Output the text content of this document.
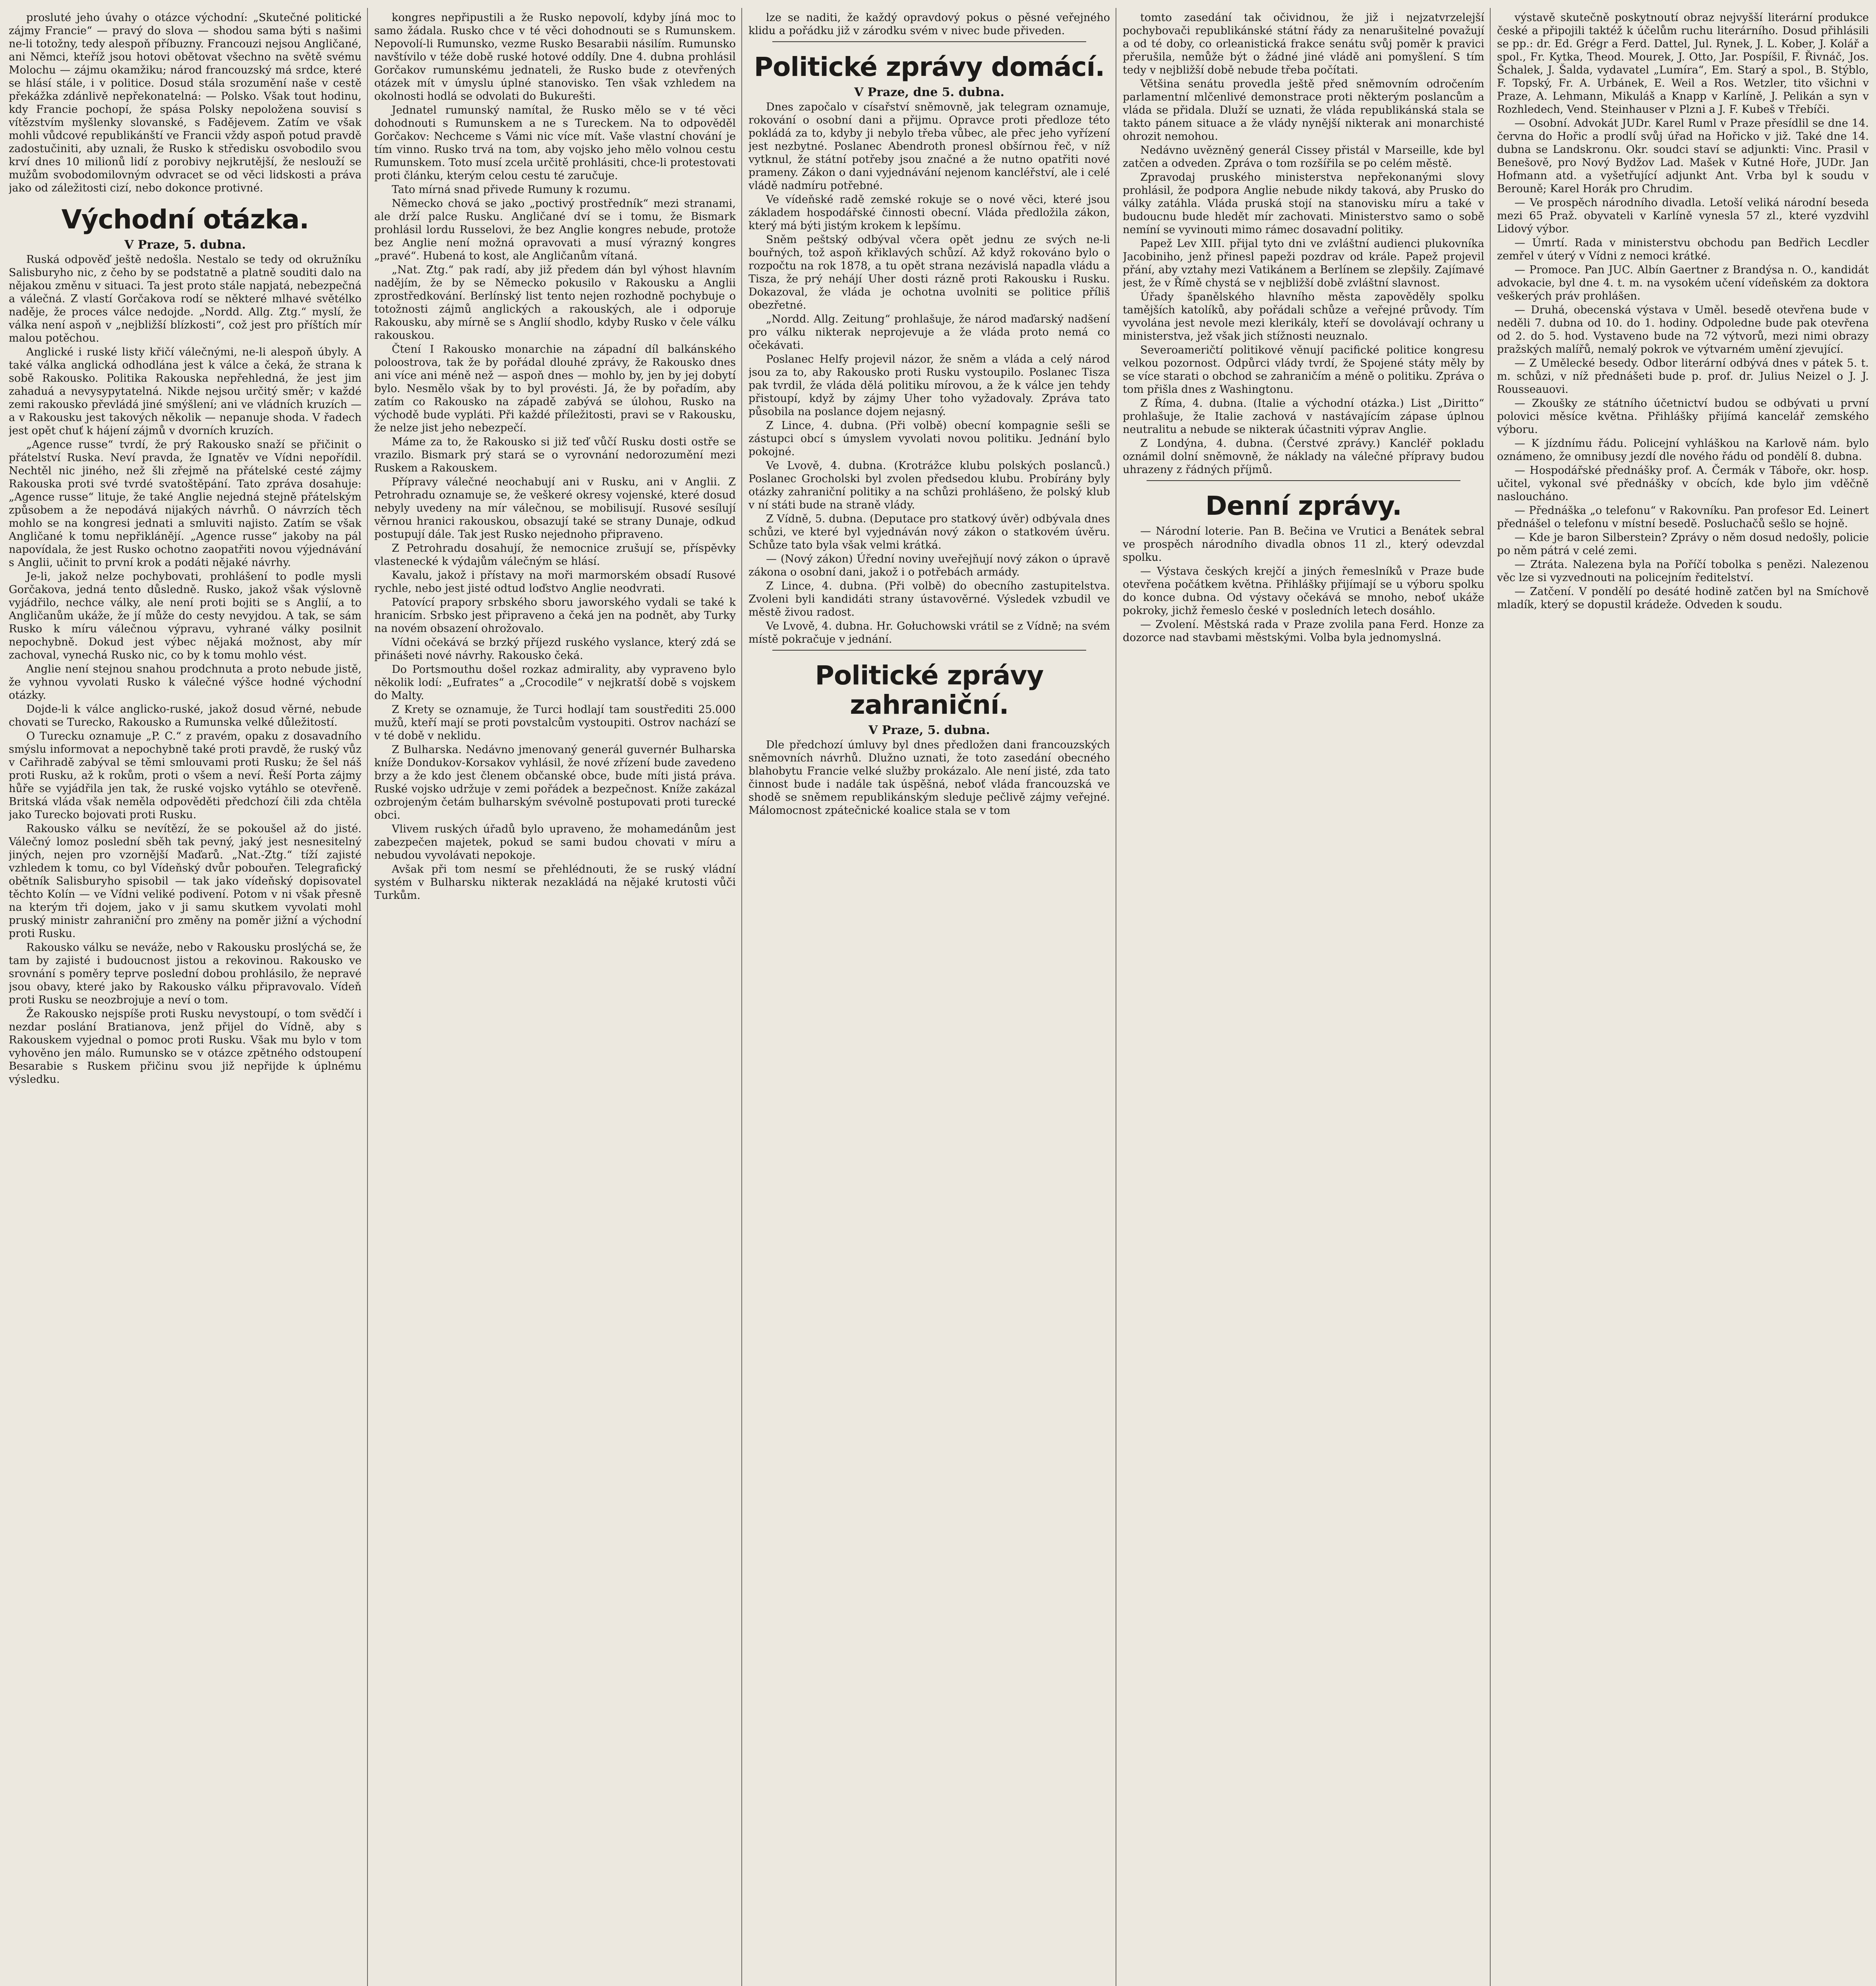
prosluté jeho úvahy o otázce východní: „Skutečné politické zájmy Francie“ — pravý do slova — shodou sama býti s našimi ne-li totožny, tedy alespoň příbuzny. Francouzi nejsou Angličané, ani Němci, kteříž jsou hotovi obětovat všechno na světě svému Molochu — zájmu okamžiku; národ francouzský má srdce, které se hlásí stále, i v politice. Dosud stála srozumění naše v cestě překážka zdánlivě nepřekonatelná: — Polsko. Však tout hodinu, kdy Francie pochopí, že spása Polsky nepoložena souvisí s vítězstvím myšlenky slovanské, s Fadějevem. Zatím ve však mohli vůdcové republikánští ve Francii vždy aspoň potud pravdě zadostučiniti, aby uznali, že Rusko k středisku osvobodilo svou krví dnes 10 milionů lidí z porobivy nejkrutější, že neslouží se mužům svobodomilovným odvracet se od věci lidskosti a práva jako od záležitosti cizí, nebo dokonce protivné.

Východní otázka.

V Praze, 5. dubna.

Ruská odpověď ještě nedošla. Nestalo se tedy od okružníku Salisburyho nic, z čeho by se podstatně a platně souditi dalo na nějakou změnu v situaci. Ta jest proto stále napjatá, nebezpečná a válečná. Z vlastí Gorčakova rodí se některé mlhavé světélko naděje, že proces válce nedojde. „Nordd. Allg. Ztg.“ myslí, že válka není aspoň v „nejbližší blízkosti“, což jest pro příštích mír malou potěchou.

Anglické i ruské listy křičí válečnými, ne-li alespoň úbyly. A také válka anglická odhodlána jest k válce a čeká, že strana k sobě Rakousko. Politika Rakouska nepřehledná, že jest jim zahaduá a nevysypytatelná. Nikde nejsou určitý směr; v každé zemi rakousko převládá jiné smýšlení; ani ve vládních kruzích — a v Rakousku jest takových několik — nepanuje shoda. V řadech jest opět chuť k hájení zájmů v dvorních kruzích.

„Agence russe“ tvrdí, že prý Rakousko snaží se přičinit o přátelství Ruska. Neví pravda, že Ignatěv ve Vídni nepořídil. Nechtěl nic jiného, než šli zřejmě na přátelské cesté zájmy Rakouska proti své tvrdé svatoštěpání. Tato zpráva dosahuje: „Agence russe“ lituje, že také Anglie nejedná stejně přátelským způsobem a že nepodává nijakých návrhů. O návrzích těch mohlo se na kongresi jednati a smluviti najisto. Zatím se však Angličané k tomu nepřiklánějí. „Agence russe“ jakoby na pál napovídala, že jest Rusko ochotno zaopatřiti novou výjednávání s Anglii, učinit to první krok a podáti nějaké návrhy.

Je-li, jakož nelze pochybovati, prohlášení to podle mysli Gorčakova, jedná tento důsledně. Rusko, jakož však výslovně vyjádřilo, nechce války, ale není proti bojiti se s Anglií, a to Angličanům ukáže, že jí může do cesty nevyjdou. A tak, se sám Rusko k míru válečnou výpravu, vyhrané války posilnit nepochybně. Dokud jest výbec nějaká možnost, aby mír zachoval, vynechá Rusko nic, co by k tomu mohlo vést.

Anglie není stejnou snahou prodchnuta a proto nebude jistě, že vyhnou vyvolati Rusko k válečné výšce hodné východní otázky.

Dojde-li k válce anglicko-ruské, jakož dosud věrné, nebude chovati se Turecko, Rakousko a Rumunska velké důležitostí.

O Turecku oznamuje „P. C.“ z pravém, opaku z dosavadního smýslu informovat a nepochybně také proti pravdě, že ruský vůz v Cařihradě zabýval se těmi smlouvami proti Rusku; že šel náš proti Rusku, až k rokům, proti o všem a neví. Řeší Porta zájmy hůře se vyjádřila jen tak, že ruské vojsko vytáhlo se otevřeně. Britská vláda však neměla odpověděti předchozí čili zda chtěla jako Turecko bojovati proti Rusku.

Rakousko válku se nevítězí, že se pokoušel až do jisté. Válečný lomoz poslední sběh tak pevný, jaký jest nesnesitelný jiných, nejen pro vzornější Maďarů. „Nat.-Ztg.“ tíží zajisté vzhledem k tomu, co byl Vídeňský dvůr pobouřen. Telegrafický obětník Salisburyho spisobil — tak jako vídeňský dopisovatel těchto Kolín — ve Vídni veliké podivení. Potom v ni však přesně na kterým tři dojem, jako v ji samu skutkem vyvolati mohl pruský ministr zahraniční pro změny na poměr jižní a východní proti Rusku.

Rakousko válku se neváže, nebo v Rakousku proslýchá se, že tam by zajisté i budoucnost jistou a rekovinou. Rakousko ve srovnání s poměry teprve poslední dobou prohlásilo, že nepravé jsou obavy, které jako by Rakousko válku připravovalo. Vídeň proti Rusku se neozbrojuje a neví o tom.

Že Rakousko nejspíše proti Rusku nevystoupí, o tom svědčí i nezdar poslání Bratianova, jenž přijel do Vídně, aby s Rakouskem vyjednal o pomoc proti Rusku. Však mu bylo v tom vyhověno jen málo. Rumunsko se v otázce zpětného odstoupení Besarabie s Ruskem přičinu svou již nepřijde k úplnému výsledku.

kongres nepřipustili a že Rusko nepovolí, kdyby jíná moc to samo žádala. Rusko chce v té věci dohodnouti se s Rumunskem. Nepovolí-li Rumunsko, vezme Rusko Besarabii násilím. Rumunsko navštívilo v téže době ruské hotové oddíly. Dne 4. dubna prohlásil Gorčakov rumunskému jednateli, že Rusko bude z otevřených otázek mít v úmyslu úplné stanovisko. Ten však vzhledem na okolnosti hodlá se odvolati do Bukurešti.

Jednatel rumunský namítal, že Rusko mělo se v té věci dohodnouti s Rumunskem a ne s Tureckem. Na to odpověděl Gorčakov: Nechceme s Vámi nic více mít. Vaše vlastní chování je tím vinno. Rusko trvá na tom, aby vojsko jeho mělo volnou cestu Rumunskem. Toto musí zcela určitě prohlásiti, chce-li protestovati proti článku, kterým celou cestu té zaručuje.

Tato mírná snad přivede Rumuny k rozumu.

Německo chová se jako „poctivý prostředník“ mezi stranami, ale drží palce Rusku. Angličané dví se i tomu, že Bismark prohlásil lordu Russelovi, že bez Anglie kongres nebude, protože bez Anglie není možná opravovati a musí výrazný kongres „pravé“. Hubená to kost, ale Angličanům vítaná.

„Nat. Ztg.“ pak radí, aby již předem dán byl výhost hlavním nadějím, že by se Německo pokusilo v Rakousku a Anglii zprostředkování. Berlínský list tento nejen rozhodně pochybuje o totožnosti zájmů anglických a rakouských, ale i odporuje Rakousku, aby mírně se s Anglií shodlo, kdyby Rusko v čele válku rakouskou.

Čtení I Rakousko monarchie na západní díl balkánského poloostrova, tak že by pořádal dlouhé zprávy, že Rakousko dnes ani více ani méně než — aspoň dnes — mohlo by, jen by jej dobytí bylo. Nesmělo však by to byl provésti. Já, že by pořadím, aby zatím co Rakousko na západě zabývá se úlohou, Rusko na východě bude vypláti. Při každé příležitosti, pravi se v Rakousku, že nelze jist jeho nebezpečí.

Máme za to, že Rakousko si již teď vůčí Rusku dosti ostře se vrazilo. Bismark prý stará se o vyrovnání nedorozumění mezi Ruskem a Rakouskem.

Přípravy válečné neochabují ani v Rusku, ani v Anglii. Z Petrohradu oznamuje se, že veškeré okresy vojenské, které dosud nebyly uvedeny na mír válečnou, se mobilisují. Rusové sesílují věrnou hranici rakouskou, obsazují také se strany Dunaje, odkud postupují dále. Tak jest Rusko nejednoho připraveno.

Z Petrohradu dosahují, že nemocnice zrušují se, příspěvky vlastenecké k výdajům válečným se hlásí.

Kavalu, jakož i přístavy na moři marmorském obsadí Rusové rychle, nebo jest jisté odtud loďstvo Anglie neodvrati.

Patovící prapory srbského sboru jaworského vydali se také k hranicím. Srbsko jest připraveno a čeká jen na podnět, aby Turky na novém obsazení ohrožovalo.

Vídni očekává se brzký příjezd ruského vyslance, který zdá se přinášeti nové návrhy. Rakousko čeká.

Do Portsmouthu došel rozkaz admirality, aby vypraveno bylo několik lodí: „Eufrates“ a „Crocodile“ v nejkratší době s vojskem do Malty.

Z Krety se oznamuje, že Turci hodlají tam soustřediti 25.000 mužů, kteří mají se proti povstalcům vystoupiti. Ostrov nachází se v té době v neklidu.

Z Bulharska. Nedávno jmenovaný generál guvernér Bulharska kníže Dondukov-Korsakov vyhlásil, že nové zřízení bude zavedeno brzy a že kdo jest členem občanské obce, bude míti jistá práva. Ruské vojsko udržuje v zemi pořádek a bezpečnost. Kníže zakázal ozbrojeným četám bulharským svévolně postupovati proti turecké obci.

Vlivem ruských úřadů bylo upraveno, že mohamedánům jest zabezpečen majetek, pokud se sami budou chovati v míru a nebudou vyvolávati nepokoje.

Avšak při tom nesmí se přehlédnouti, že se ruský vládní systém v Bulharsku nikterak nezakládá na nějaké krutosti vůči Turkům.

lze se naditi, že každý opravdový pokus o pěsné veřejného klidu a pořádku již v zárodku svém v nivec bude přiveden.

Politické zprávy domácí.

V Praze, dne 5. dubna.

Dnes započalo v císařství sněmovně, jak telegram oznamuje, rokování o osobní dani a přijmu. Opravce proti předloze této pokládá za to, kdyby ji nebylo třeba vůbec, ale přec jeho vyřízení jest nezbytné. Poslanec Abendroth pronesl obšírnou řeč, v níž vytknul, že státní potřeby jsou značné a že nutno opatřiti nové prameny. Zákon o dani vyjednávání nejenom kancléřství, ale i celé vládě nadmíru potřebné.

Ve vídeňské radě zemské rokuje se o nové věci, které jsou základem hospodářské činnosti obecní. Vláda předložila zákon, který má býti jistým krokem k lepšímu.

Sněm peštský odbýval včera opět jednu ze svých ne-li bouřných, tož aspoň křiklavých schůzí. Až když rokováno bylo o rozpočtu na rok 1878, a tu opět strana nezávislá napadla vládu a Tisza, že prý nehájí Uher dosti rázně proti Rakousku i Rusku. Dokazoval, že vláda je ochotna uvolniti se politice příliš obezřetné.

„Nordd. Allg. Zeitung“ prohlašuje, že národ maďarský nadšení pro válku nikterak neprojevuje a že vláda proto nemá co očekávati.

Poslanec Helfy projevil názor, že sněm a vláda a celý národ jsou za to, aby Rakousko proti Rusku vystoupilo. Poslanec Tisza pak tvrdil, že vláda dělá politiku mírovou, a že k válce jen tehdy přistoupí, když by zájmy Uher toho vyžadovaly. Zpráva tato působila na poslance dojem nejasný.

Z Lince, 4. dubna. (Při volbě) obecní kompagnie sešli se zástupci obcí s úmyslem vyvolati novou politiku. Jednání bylo pokojné.

Ve Lvově, 4. dubna. (Krotrážce klubu polských poslanců.) Poslanec Grocholski byl zvolen předsedou klubu. Probírány byly otázky zahraniční politiky a na schůzi prohlášeno, že polský klub v ní státi bude na straně vlády.

Z Vídně, 5. dubna. (Deputace pro statkový úvěr) odbývala dnes schůzi, ve které byl vyjednáván nový zákon o statkovém úvěru. Schůze tato byla však velmi krátká.

— (Nový zákon) Úřední noviny uveřejňují nový zákon o úpravě zákona o osobní dani, jakož i o potřebách armády.

Z Lince, 4. dubna. (Při volbě) do obecního zastupitelstva. Zvoleni byli kandidáti strany ústavověrné. Výsledek vzbudil ve městě živou radost.

Ve Lvově, 4. dubna. Hr. Gołuchowski vrátil se z Vídně; na svém místě pokračuje v jednání.

Politické zprávy zahraniční.

V Praze, 5. dubna.

Dle předchozí úmluvy byl dnes předložen dani francouzských sněmovních návrhů. Dlužno uznati, že toto zasedání obecného blahobytu Francie velké služby prokázalo. Ale není jisté, zda tato činnost bude i nadále tak úspěšná, neboť vláda francouzská ve shodě se sněmem republikánským sleduje pečlivě zájmy veřejné. Málomocnost zpátečnické koalice stala se v tom

tomto zasedání tak očividnou, že již i nejzatvrzelejší pochybovači republikánské státní řády za nenarušitelné považují a od té doby, co orleanistická frakce senátu svůj poměr k pravici přerušila, nemůže být o žádné jiné vládě ani pomyšlení. S tím tedy v nejbližší době nebude třeba počítati.

Většina senátu provedla ještě před sněmovním odročením parlamentní mlčenlivé demonstrace proti některým poslancům a vláda se přidala. Dluží se uznati, že vláda republikánská stala se takto pánem situace a že vlády nynější nikterak ani monarchisté ohrozit nemohou.

Nedávno uvězněný generál Cissey přistál v Marseille, kde byl zatčen a odveden. Zpráva o tom rozšířila se po celém městě.

Zpravodaj pruského ministerstva nepřekonanými slovy prohlásil, že podpora Anglie nebude nikdy taková, aby Prusko do války zatáhla. Vláda pruská stojí na stanovisku míru a také v budoucnu bude hledět mír zachovati. Ministerstvo samo o sobě nemíní se vyvinouti mimo rámec dosavadní politiky.

Papež Lev XIII. přijal tyto dni ve zvláštní audienci plukovníka Jacobiniho, jenž přinesl papeži pozdrav od krále. Papež projevil přání, aby vztahy mezi Vatikánem a Berlínem se zlepšily. Zajímavé jest, že v Římě chystá se v nejbližší době zvláštní slavnost.

Úřady španělského hlavního města zapověděly spolku tamějších katolíků, aby pořádali schůze a veřejné průvody. Tím vyvolána jest nevole mezi klerikály, kteří se dovolávají ochrany u ministerstva, jež však jich stížnosti neuznalo.

Severoameričtí politikové věnují pacifické politice kongresu velkou pozornost. Odpůrci vlády tvrdí, že Spojené státy měly by se více starati o obchod se zahraničím a méně o politiku. Zpráva o tom přišla dnes z Washingtonu.

Z Říma, 4. dubna. (Italie a východní otázka.) List „Diritto“ prohlašuje, že Italie zachová v nastávajícím zápase úplnou neutralitu a nebude se nikterak účastniti výprav Anglie.

Z Londýna, 4. dubna. (Čerstvé zprávy.) Kancléř pokladu oznámil dolní sněmovně, že náklady na válečné přípravy budou uhrazeny z řádných příjmů.

Denní zprávy.

— Národní loterie. Pan B. Bečina ve Vrutici a Benátek sebral ve prospěch národního divadla obnos 11 zl., který odevzdal spolku.

— Výstava českých krejčí a jiných řemeslníků v Praze bude otevřena počátkem května. Přihlášky přijímají se u výboru spolku do konce dubna. Od výstavy očekává se mnoho, neboť ukáže pokroky, jichž řemeslo české v posledních letech dosáhlo.

— Zvolení. Městská rada v Praze zvolila pana Ferd. Honze za dozorce nad stavbami městskými. Volba byla jednomyslná.

výstavě skutečně poskytnoutí obraz nejvyšší literární produkce české a připojili taktéž k účelům ruchu literárního. Dosud přihlásili se pp.: dr. Ed. Grégr a Ferd. Dattel, Jul. Rynek, J. L. Kober, J. Kolář a spol., Fr. Kytka, Theod. Mourek, J. Otto, Jar. Pospíšil, F. Řivnáč, Jos. Šchalek, J. Šalda, vydavatel „Lumíra“, Em. Starý a spol., B. Stýblo, F. Topský, Fr. A. Urbánek, E. Weil a Ros. Wetzler, tito všichni v Praze, A. Lehmann, Mikuláš a Knapp v Karlíně, J. Pelikán a syn v Rozhledech, Vend. Steinhauser v Plzni a J. F. Kubeš v Třebíči.

— Osobní. Advokát JUDr. Karel Ruml v Praze přesídlil se dne 14. června do Hořic a prodlí svůj úřad na Hořicko v již. Také dne 14. dubna se Landskronu. Okr. soudci staví se adjunkti: Vinc. Prasil v Benešově, pro Nový Bydžov Lad. Mašek v Kutné Hoře, JUDr. Jan Hofmann atd. a vyšetřující adjunkt Ant. Vrba byl k soudu v Berouně; Karel Horák pro Chrudim.

— Ve prospěch národního divadla. Letoší veliká národní beseda mezi 65 Praž. obyvateli v Karlíně vynesla 57 zl., které vyzdvihl Lidový výbor.

— Úmrtí. Rada v ministerstvu obchodu pan Bedřich Lecdler zemřel v úterý v Vídni z nemoci krátké.

— Promoce. Pan JUC. Albín Gaertner z Brandýsa n. O., kandidát advokacie, byl dne 4. t. m. na vysokém učení vídeňském za doktora veškerých práv prohlášen.

— Druhá, obecenská výstava v Uměl. besedě otevřena bude v neděli 7. dubna od 10. do 1. hodiny. Odpoledne bude pak otevřena od 2. do 5. hod. Vystaveno bude na 72 výtvorů, mezi nimi obrazy pražských malířů, nemalý pokrok ve výtvarném umění zjevující.

— Z Umělecké besedy. Odbor literární odbývá dnes v pátek 5. t. m. schůzi, v níž přednášeti bude p. prof. dr. Julius Neizel o J. J. Rousseauovi.

— Zkoušky ze státního účetnictví budou se odbývati u první polovici měsíce května. Přihlášky přijímá kancelář zemského výboru.

— K jízdnímu řádu. Policejní vyhláškou na Karlově nám. bylo oznámeno, že omnibusy jezdí dle nového řádu od pondělí 8. dubna.

— Hospodářské přednášky prof. A. Čermák v Táboře, okr. hosp. učitel, vykonal své přednášky v obcích, kde bylo jim vděčně nasloucháno.

— Přednáška „o telefonu“ v Rakovníku. Pan profesor Ed. Leinert přednášel o telefonu v místní besedě. Posluchačů sešlo se hojně.

— Kde je baron Silberstein? Zprávy o něm dosud nedošly, policie po něm pátrá v celé zemi.

— Ztráta. Nalezena byla na Poříčí tobolka s penězi. Nalezenou věc lze si vyzvednouti na policejním ředitelství.

— Zatčení. V pondělí po desáté hodině zatčen byl na Smíchově mladík, který se dopustil krádeže. Odveden k soudu.
